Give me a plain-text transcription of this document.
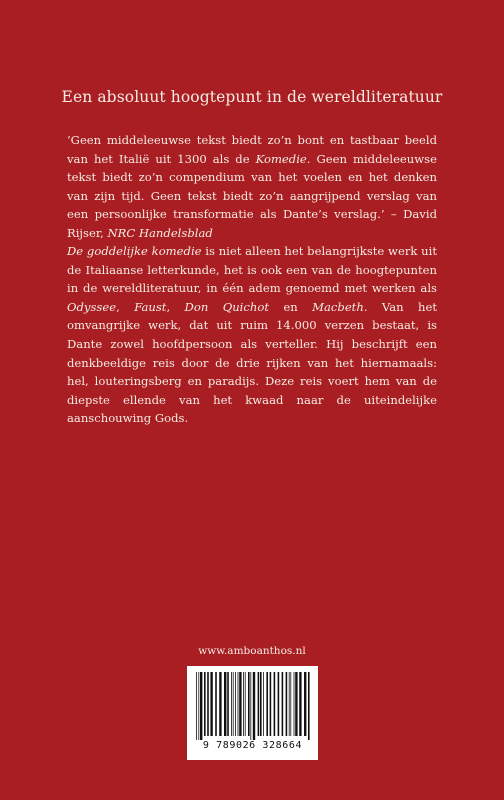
Een absoluut hoogtepunt in de wereldliteratuur
‘Geen middeleeuwse tekst biedt zo’n bont en tastbaar beeld van het Italië uit 1300 als de Komedie. Geen middeleeuwse tekst biedt zo’n compendium van het voelen en het denken van zijn tijd. Geen tekst biedt zo’n aangrijpend verslag van een persoonlijke transformatie als Dante’s verslag.’ – David Rijser, NRC Handelsblad
De goddelijke komedie is niet alleen het belangrijkste werk uit de Italiaanse letterkunde, het is ook een van de hoogtepunten in de wereldliteratuur, in één adem genoemd met werken als Odyssee, Faust, Don Quichot en Macbeth. Van het omvangrijke werk, dat uit ruim 14.000 verzen bestaat, is Dante zowel hoofdpersoon als verteller. Hij beschrijft een denkbeeldige reis door de drie rijken van het hiernamaals: hel, louteringsberg en paradijs. Deze reis voert hem van de diepste ellende van het kwaad naar de uiteindelijke aanschouwing Gods.
www.amboanthos.nl
9 789026 328664
